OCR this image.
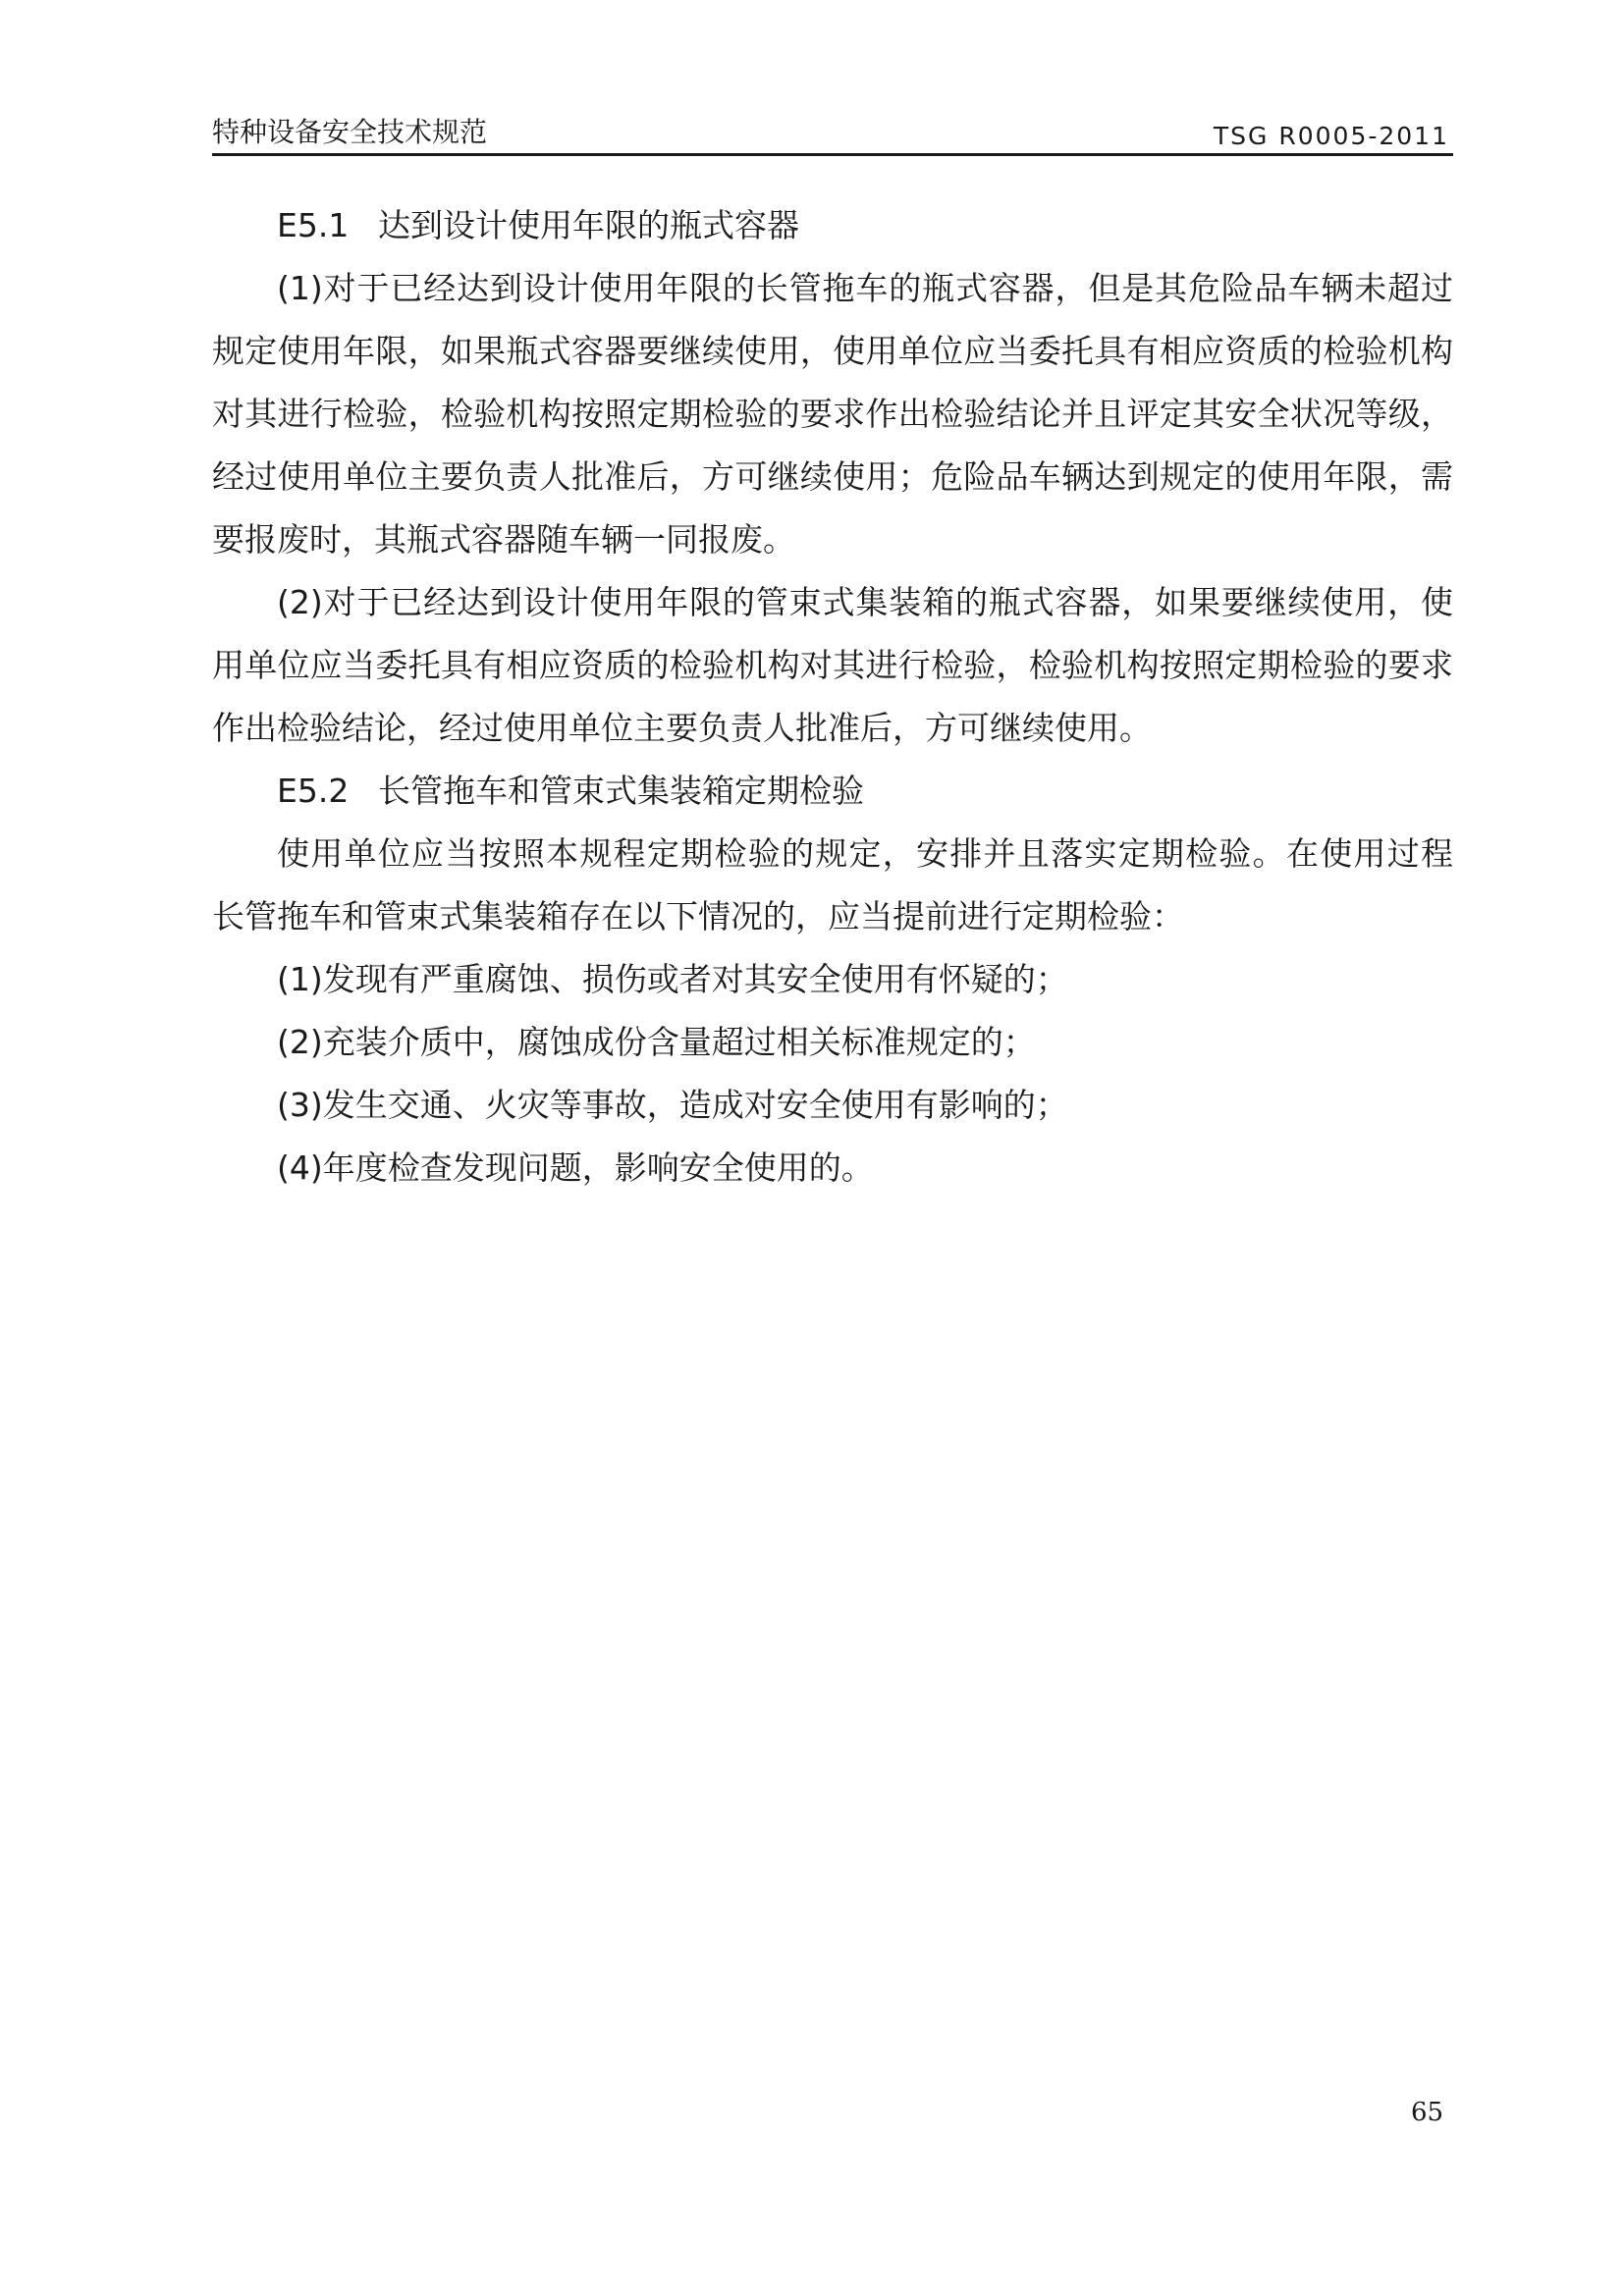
特种设备安全技术规范	TSG R0005-2011
E5.1 达到设计使用年限的瓶式容器
(1)对于已经达到设计使用年限的长管拖车的瓶式容器，但是其危险品车辆未超过
规定使用年限，如果瓶式容器要继续使用，使用单位应当委托具有相应资质的检验机构
对其进行检验，检验机构按照定期检验的要求作出检验结论并且评定其安全状况等级，
经过使用单位主要负责人批准后，方可继续使用；危险品车辆达到规定的使用年限，需
要报废时，其瓶式容器随车辆一同报废。
(2)对于已经达到设计使用年限的管束式集装箱的瓶式容器，如果要继续使用，使
用单位应当委托具有相应资质的检验机构对其进行检验，检验机构按照定期检验的要求
作出检验结论，经过使用单位主要负责人批准后，方可继续使用。
E5.2 长管拖车和管束式集装箱定期检验
使用单位应当按照本规程定期检验的规定，安排并且落实定期检验。在使用过程
长管拖车和管束式集装箱存在以下情况的，应当提前进行定期检验：
(1)发现有严重腐蚀、损伤或者对其安全使用有怀疑的；
(2)充装介质中，腐蚀成份含量超过相关标准规定的；
(3)发生交通、火灾等事故，造成对安全使用有影响的；
(4)年度检查发现问题，影响安全使用的。
65
